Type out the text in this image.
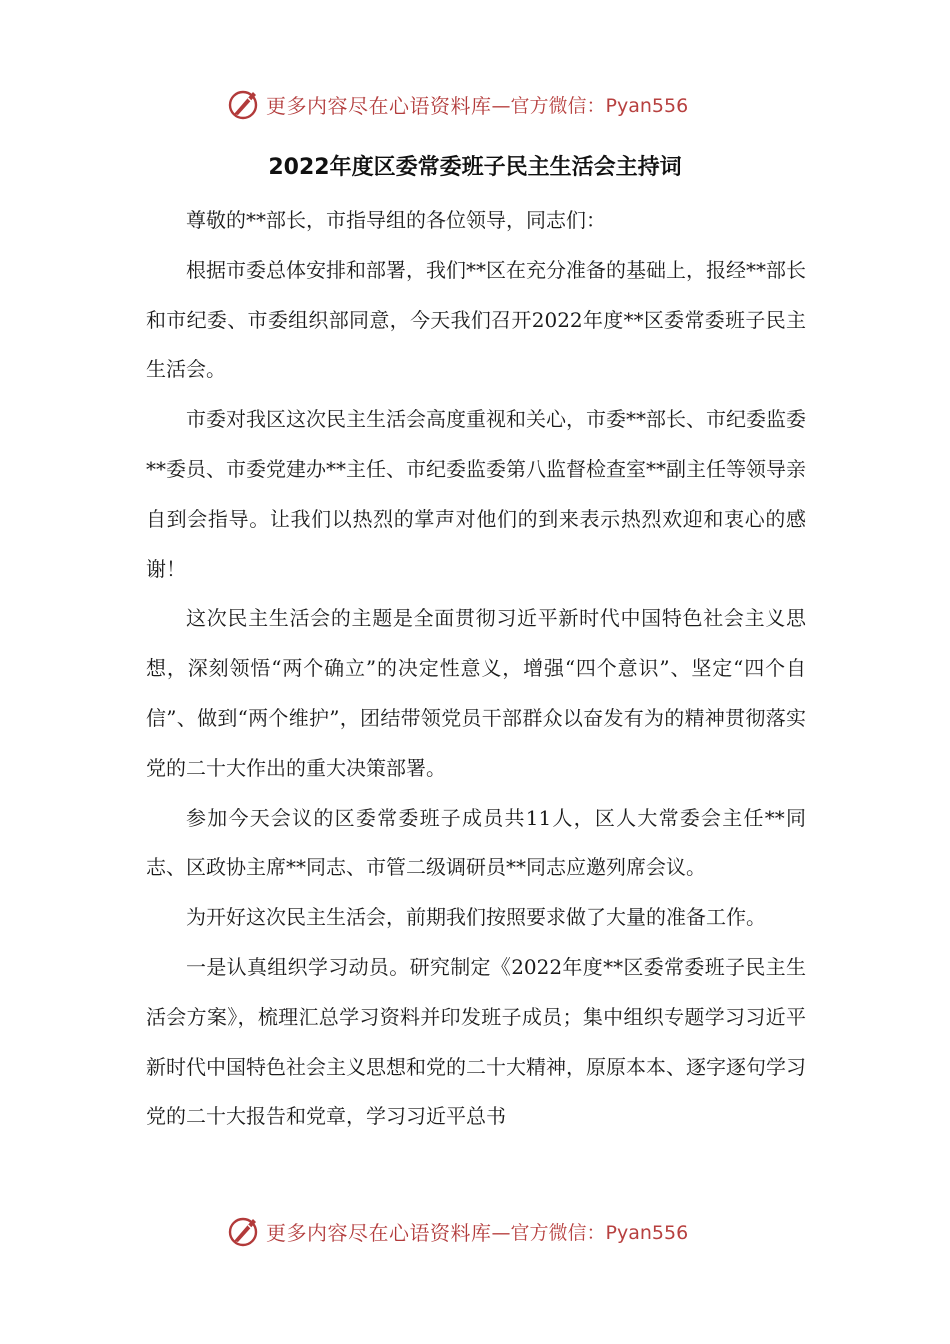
更多内容尽在心语资料库 —官方微信：Pyan556
2022年度区委常委班子民主生活会主持词

尊敬的**部长，市指导组的各位领导，同志们：

根据市委总体安排和部署，我们**区在充分准备的基础上，报经**部长和市纪委、市委组织部同意，今天我们召开2022年度**区委常委班子民主生活会。

市委对我区这次民主生活会高度重视和关心，市委**部长、市纪委监委**委员、市委党建办**主任、市纪委监委第八监督检查室**副主任等领导亲自到会指导。让我们以热烈的掌声对他们的到来表示热烈欢迎和衷心的感谢！

这次民主生活会的主题是全面贯彻习近平新时代中国特色社会主义思想，深刻领悟“两个确立”的决定性意义，增强“四个意识”、坚定“四个自信”、做到“两个维护”，团结带领党员干部群众以奋发有为的精神贯彻落实党的二十大作出的重大决策部署。

参加今天会议的区委常委班子成员共11人，区人大常委会主任**同志、区政协主席**同志、市管二级调研员**同志应邀列席会议。

为开好这次民主生活会，前期我们按照要求做了大量的准备工作。

一是认真组织学习动员。研究制定《2022年度**区委常委班子民主生活会方案》，梳理汇总学习资料并印发班子成员；集中组织专题学习习近平新时代中国特色社会主义思想和党的二十大精神，原原本本、逐字逐句学习党的二十大报告和党章，学习习近平总书

更多内容尽在心语资料库 —官方微信：Pyan556
